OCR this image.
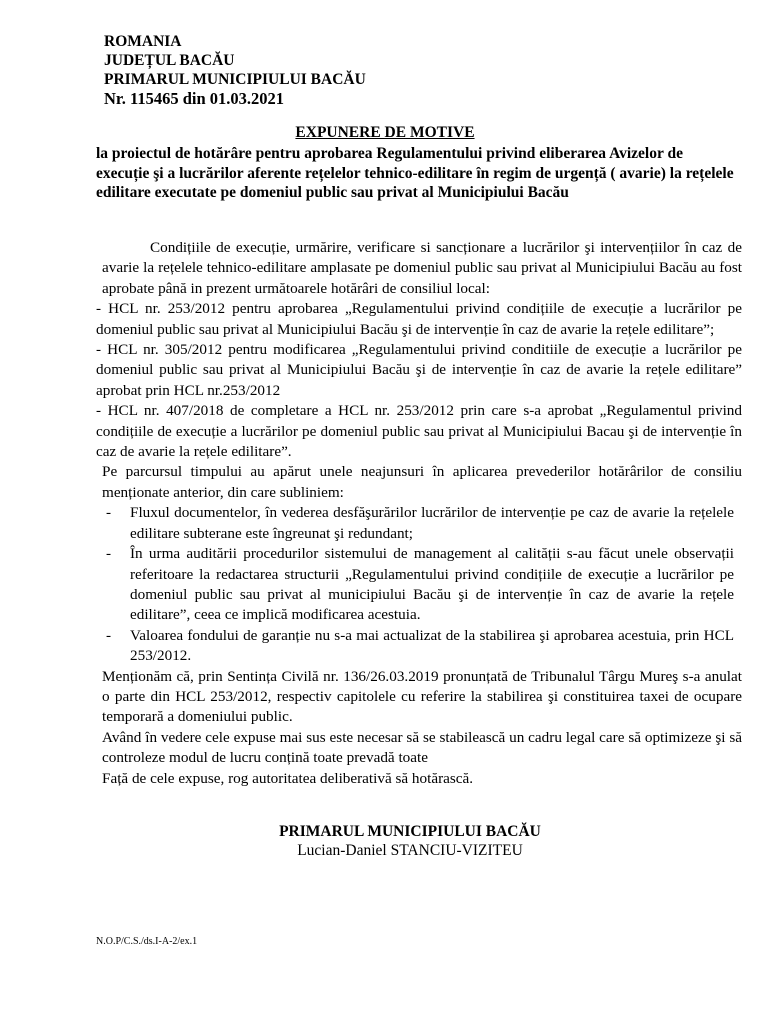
ROMANIA
JUDEȚUL BACĂU
PRIMARUL MUNICIPIULUI BACĂU
Nr. 115465 din 01.03.2021
EXPUNERE DE MOTIVE
la proiectul de hotărâre pentru aprobarea Regulamentului privind eliberarea Avizelor de execuție şi a lucrărilor aferente rețelelor tehnico-edilitare în regim de urgență ( avarie) la rețelele edilitare executate pe domeniul public sau privat al Municipiului Bacău

Condițiile de execuție, urmărire, verificare si sancționare a lucrărilor şi intervențiilor în caz de avarie la rețelele tehnico-edilitare amplasate pe domeniul public sau privat al Municipiului Bacău au fost aprobate până in prezent următoarele hotărâri de consiliul local:

- HCL nr. 253/2012 pentru aprobarea „Regulamentului privind condițiile de execuție a lucrărilor pe domeniul public sau privat al Municipiului Bacău şi de intervenție în caz de avarie la rețele edilitare”;

- HCL nr. 305/2012 pentru modificarea „Regulamentului privind conditiile de execuție a lucrărilor pe domeniul public sau privat al Municipiului Bacău şi de intervenție în caz de avarie la rețele edilitare” aprobat prin HCL nr.253/2012

- HCL nr. 407/2018 de completare a HCL nr. 253/2012 prin care s-a aprobat „Regulamentul privind condițiile de execuție a lucrărilor pe domeniul public sau privat al Municipiului Bacau şi de intervenție în caz de avarie la rețele edilitare”.

Pe parcursul timpului au apărut unele neajunsuri în aplicarea prevederilor hotărârilor de consiliu menționate anterior, din care subliniem:

- Fluxul documentelor, în vederea desfăşurărilor lucrărilor de intervenție pe caz de avarie la rețelele edilitare subterane este îngreunat şi redundant;

- În urma auditării procedurilor sistemului de management al calității s-au făcut unele observații referitoare la redactarea structurii „Regulamentului privind condițiile de execuție a lucrărilor pe domeniul public sau privat al municipiului Bacău şi de intervenție în caz de avarie la rețele edilitare”, ceea ce implică modificarea acestuia.

- Valoarea fondului de garanție nu s-a mai actualizat de la stabilirea şi aprobarea acestuia, prin HCL 253/2012.

Menționăm că, prin Sentința Civilă nr. 136/26.03.2019 pronunțată de Tribunalul Târgu Mureş s-a anulat o parte din HCL 253/2012, respectiv capitolele cu referire la stabilirea şi constituirea taxei de ocupare temporară a domeniului public.

Având în vedere cele expuse mai sus este necesar să se stabilească un cadru legal care să optimizeze şi să controleze modul de lucru conțină toate prevadă toate

Față de cele expuse, rog autoritatea deliberativă să hotărască.

PRIMARUL MUNICIPIULUI BACĂU
Lucian-Daniel STANCIU-VIZITEU
N.O.P/C.S./ds.I-A-2/ex.1
